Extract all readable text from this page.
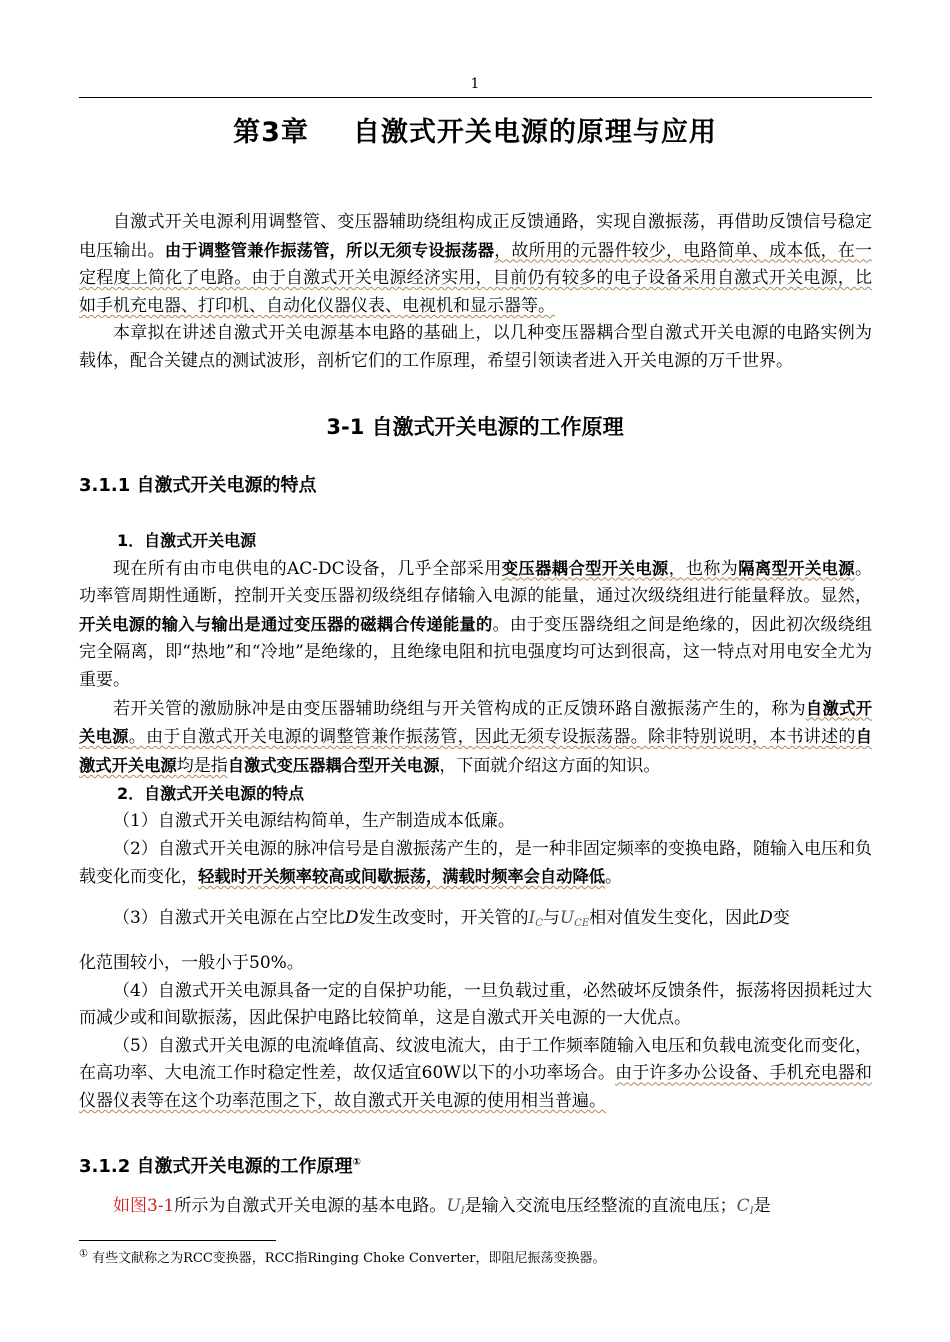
1
第3章 自激式开关电源的原理与应用

自激式开关电源利用调整管、变压器辅助绕组构成正反馈通路，实现自激振荡，再借助反馈信号稳定电压输出。由于调整管兼作振荡管，所以无须专设振荡器，故所用的元器件较少，电路简单、成本低，在一定程度上简化了电路。由于自激式开关电源经济实用，目前仍有较多的电子设备采用自激式开关电源，比如手机充电器、打印机、自动化仪器仪表、电视机和显示器等。

本章拟在讲述自激式开关电源基本电路的基础上，以几种变压器耦合型自激式开关电源的电路实例为载体，配合关键点的测试波形，剖析它们的工作原理，希望引领读者进入开关电源的万千世界。

3-1 自激式开关电源的工作原理
3.1.1 自激式开关电源的特点
1．自激式开关电源

现在所有由市电供电的AC-DC设备，几乎全部采用变压器耦合型开关电源，也称为隔离型开关电源。功率管周期性通断，控制开关变压器初级绕组存储输入电源的能量，通过次级绕组进行能量释放。显然，开关电源的输入与输出是通过变压器的磁耦合传递能量的。由于变压器绕组之间是绝缘的，因此初次级绕组完全隔离，即“热地”和“冷地”是绝缘的，且绝缘电阻和抗电强度均可达到很高，这一特点对用电安全尤为重要。

若开关管的激励脉冲是由变压器辅助绕组与开关管构成的正反馈环路自激振荡产生的，称为自激式开关电源。由于自激式开关电源的调整管兼作振荡管，因此无须专设振荡器。除非特别说明，本书讲述的自激式开关电源均是指自激式变压器耦合型开关电源，下面就介绍这方面的知识。

2．自激式开关电源的特点

（1）自激式开关电源结构简单，生产制造成本低廉。

（2）自激式开关电源的脉冲信号是自激振荡产生的，是一种非固定频率的变换电路，随输入电压和负载变化而变化，轻载时开关频率较高或间歇振荡，满载时频率会自动降低。

（3）自激式开关电源在占空比D发生改变时，开关管的IC与UCE相对值发生变化，因此D变

化范围较小，一般小于50%。

（4）自激式开关电源具备一定的自保护功能，一旦负载过重，必然破坏反馈条件，振荡将因损耗过大而减少或和间歇振荡，因此保护电路比较简单，这是自激式开关电源的一大优点。

（5）自激式开关电源的电流峰值高、纹波电流大，由于工作频率随输入电压和负载电流变化而变化，在高功率、大电流工作时稳定性差，故仅适宜60W以下的小功率场合。由于许多办公设备、手机充电器和仪器仪表等在这个功率范围之下，故自激式开关电源的使用相当普遍。

3.1.2 自激式开关电源的工作原理①

如图3-1所示为自激式开关电源的基本电路。UI是输入交流电压经整流的直流电压；CI是

① 有些文献称之为RCC变换器，RCC指Ringing Choke Converter，即阻尼振荡变换器。
